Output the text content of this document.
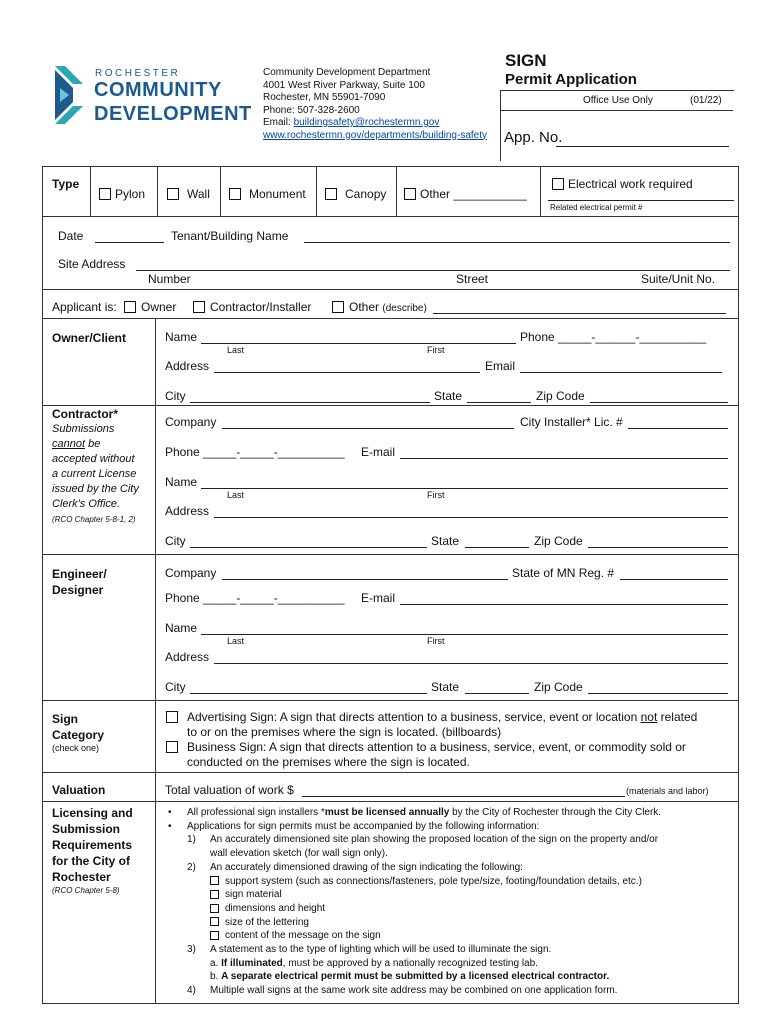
ROCHESTER
COMMUNITY
DEVELOPMENT
Community Development Department
4001 West River Parkway, Suite 100
Rochester, MN 55901-7090
Phone: 507-328-2600
Email: buildingsafety@rochestermn.gov
www.rochestermn.gov/departments/building-safety
SIGN
Permit Application
Office Use Only	(01/22)
App. No.
Type
Pylon	Wall	Monument	Canopy	Other ___________
Electrical work required
Related electrical permit #
Date	Tenant/Building Name
Site Address
Number	Street	Suite/Unit No.
Applicant is: Owner	Contractor/Installer	Other (describe)
Owner/Client	Name	Phone _____-______-__________
Last	First
Address	Email
City	State	Zip Code
Contractor*
Submissions
cannot be
accepted without
a current License
issued by the City
Clerk's Office.
(RCO Chapter 5-8-1, 2)
Company	City Installer* Lic. #
Phone _____-_____-__________ E-mail
Name
Last	First
Address
City	State	Zip Code
Engineer/
Designer
Company	State of MN Reg. #
Phone _____-_____-__________ E-mail
Name
Last	First
Address
City	State	Zip Code
Sign
Category
(check one)
Advertising Sign: A sign that directs attention to a business, service, event or location not related
to or on the premises where the sign is located. (billboards)
Business Sign: A sign that directs attention to a business, service, event, or commodity sold or
conducted on the premises where the sign is located.
Valuation	Total valuation of work $	(materials and labor)
Licensing and
Submission
Requirements
for the City of
Rochester
(RCO Chapter 5-8)

• All professional sign installers *must be licensed annually by the City of Rochester through the City Clerk.

• Applications for sign permits must be accompanied by the following information:

1) An accurately dimensioned site plan showing the proposed location of the sign on the property and/or

wall elevation sketch (for wall sign only).

2) An accurately dimensioned drawing of the sign indicating the following:

support system (such as connections/fasteners, pole type/size, footing/foundation details, etc.)

sign material

dimensions and height

size of the lettering

content of the message on the sign

3) A statement as to the type of lighting which will be used to illuminate the sign.

a. If illuminated, must be approved by a nationally recognized testing lab.

b. A separate electrical permit must be submitted by a licensed electrical contractor.

4) Multiple wall signs at the same work site address may be combined on one application form.
